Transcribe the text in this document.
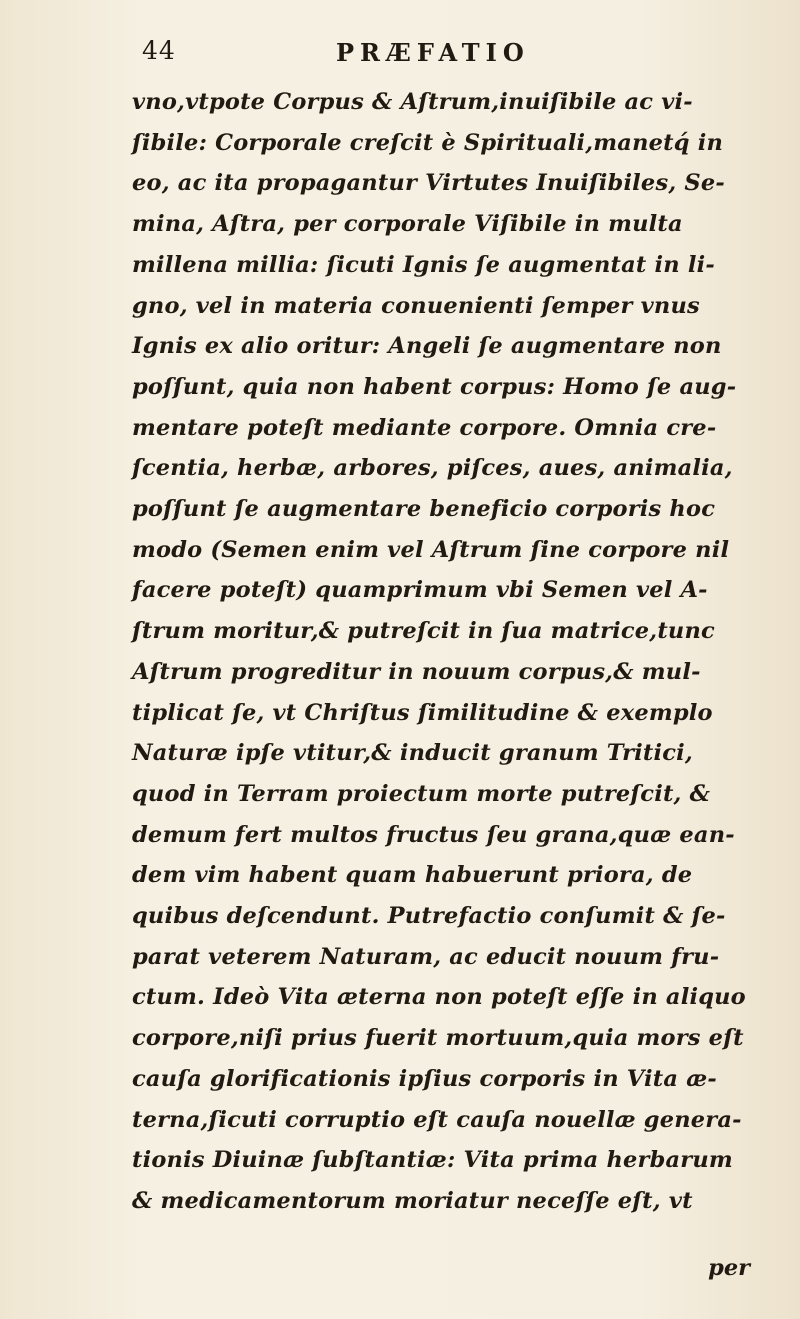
44	PRÆFATIO
vno,vtpote Corpus & Aſtrum,inuiſibile ac vi-
ſibile: Corporale creſcit è Spirituali,manetq́ in
eo, ac ita propagantur Virtutes Inuiſibiles, Se-
mina, Aſtra, per corporale Viſibile in multa
millena millia: ſicuti Ignis ſe augmentat in li-
gno, vel in materia conuenienti ſemper vnus
Ignis ex alio oritur: Angeli ſe augmentare non
poſſunt, quia non habent corpus: Homo ſe aug-
mentare poteſt mediante corpore. Omnia cre-
ſcentia, herbæ, arbores, piſces, aues, animalia,
poſſunt ſe augmentare beneficio corporis hoc
modo (Semen enim vel Aſtrum ſine corpore nil
facere poteſt) quamprimum vbi Semen vel A-
ſtrum moritur,& putreſcit in ſua matrice,tunc
Aſtrum progreditur in nouum corpus,& mul-
tiplicat ſe, vt Chriſtus ſimilitudine & exemplo
Naturæ ipſe vtitur,& inducit granum Tritici,
quod in Terram proiectum morte putreſcit, &
demum fert multos fructus ſeu grana,quæ ean-
dem vim habent quam habuerunt priora, de
quibus deſcendunt. Putrefactio conſumit & ſe-
parat veterem Naturam, ac educit nouum fru-
ctum. Ideò Vita æterna non poteſt eſſe in aliquo
corpore,niſi prius fuerit mortuum,quia mors eſt
cauſa glorificationis ipſius corporis in Vita æ-
terna,ſicuti corruptio eſt cauſa nouellæ genera-
tionis Diuinæ ſubſtantiæ: Vita prima herbarum
& medicamentorum moriatur neceſſe eſt, vt
per
